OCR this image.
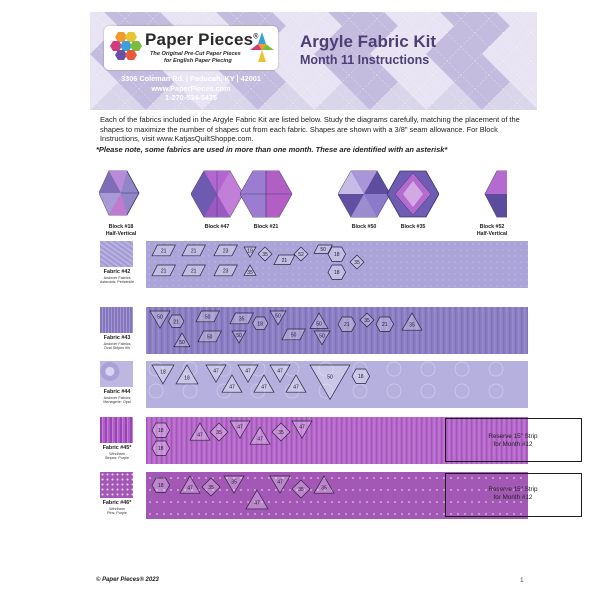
Paper Pieces®
The Original Pre-Cut Paper Pieces
for English Paper Piecing
3306 Coleman Rd. | Paducah, KY | 42001
www.PaperPieces.com
1-270-534-5475
Argyle Fabric Kit
Month 11 Instructions
Each of the fabrics included in the Argyle Fabric Kit are listed below. Study the diagrams carefully, matching the placement of the shapes to maximize the number of shapes cut from each fabric. Shapes are shown with a 3/8" seam allowance. For Block Instructions, visit www.KatjasQuiltShoppe.com.
*Please note, some fabrics are used in more than one month. These are identified with an asterisk*
Block #18
Half-Vertical
Block #47	Block #21	Block #50	Block #35	Block #52
Half-Vertical
Fabric #42
Andover Fabrics
Asteroids: Periwinkle
21
21
21
21
23
23
19
35
35
21
52
50
18
18
35
Fabric #43
Andover Fabrics
Oval Stripes Iris
50
21
50
50
50
35
50
18
50
50
50
50
21
35
21	35
Fabric #44
Andover Fabrics
Menagerie: Opal
18
18
47
47
47
47
47
47
50	18
Fabric #45*
Windham
Stripes: Purple
18
18
47	35
47
47
35
47
Reserve 15" Strip
for Month #12
Fabric #46*
Windham
Pins: Purple
18	47	35
35
47
47
35	35	Reserve 15" Strip
for Month #12
© Paper Pieces® 2023	1
